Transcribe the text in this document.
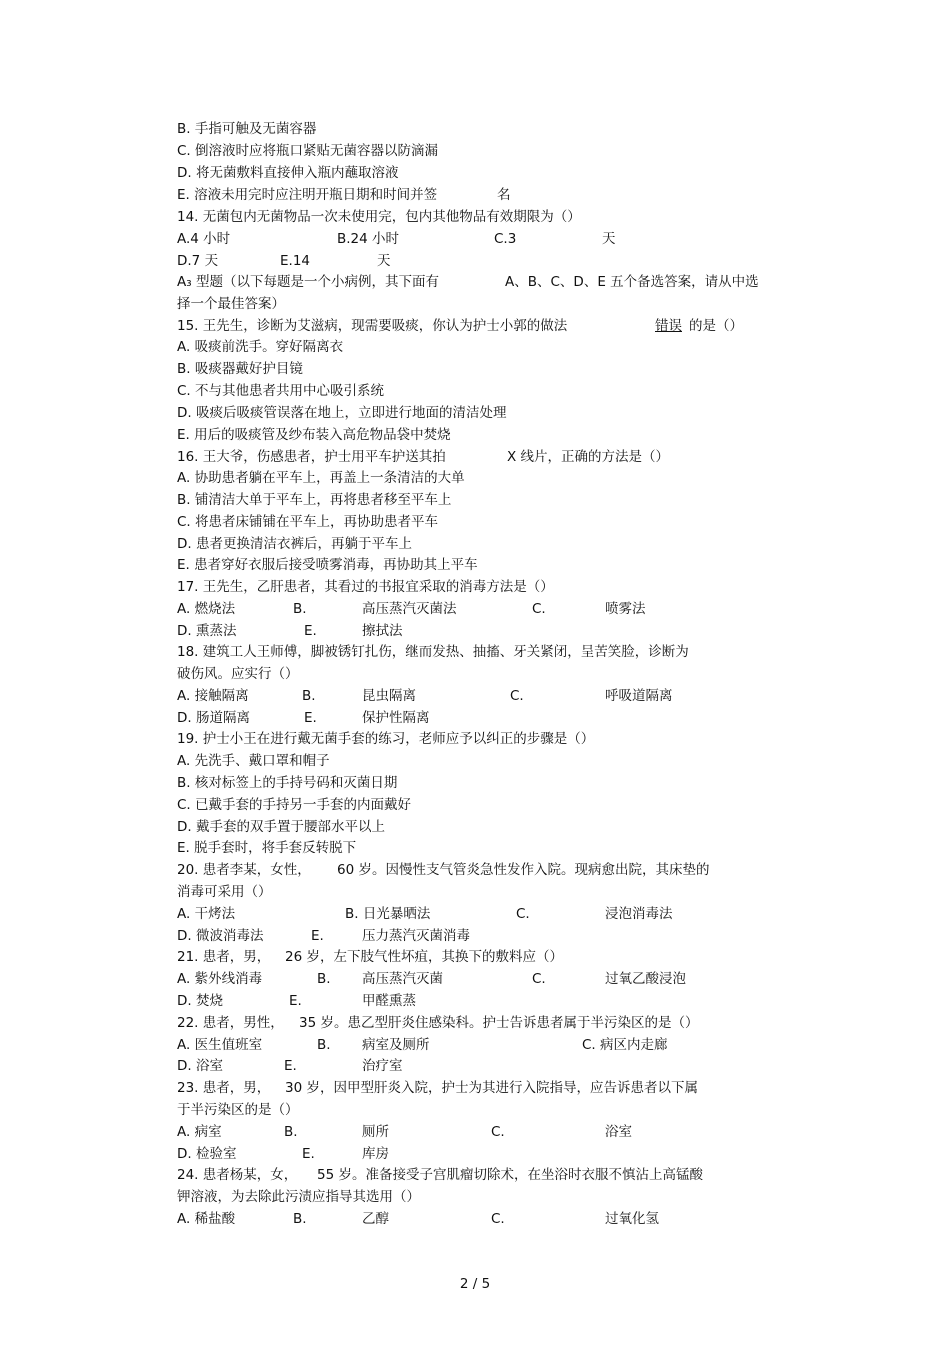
B. 手指可触及无菌容器
C. 倒溶液时应将瓶口紧贴无菌容器以防滴漏
D. 将无菌敷料直接伸入瓶内蘸取溶液
E. 溶液未用完时应注明开瓶日期和时间并签	名
14. 无菌包内无菌物品一次未使用完，包内其他物品有效期限为（）
A.4 小时	B.24 小时	C.3	天
D.7 天	E.14	天
A₃ 型题（以下每题是一个小病例，其下面有	A、B、C、D、E 五个备选答案，请从中选
择一个最佳答案）
15. 王先生，诊断为艾滋病，现需要吸痰，你认为护士小郭的做法	错误 的是（）
A. 吸痰前洗手。穿好隔离衣
B. 吸痰器戴好护目镜
C. 不与其他患者共用中心吸引系统
D. 吸痰后吸痰管误落在地上，立即进行地面的清洁处理
E. 用后的吸痰管及纱布装入高危物品袋中焚烧
16. 王大爷，伤感患者，护士用平车护送其拍	X 线片，正确的方法是（）
A. 协助患者躺在平车上，再盖上一条清洁的大单
B. 铺清洁大单于平车上，再将患者移至平车上
C. 将患者床铺铺在平车上，再协助患者平车
D. 患者更换清洁衣裤后，再躺于平车上
E. 患者穿好衣服后接受喷雾消毒，再协助其上平车
17. 王先生，乙肝患者，其看过的书报宜采取的消毒方法是（）
A. 燃烧法	B.	高压蒸汽灭菌法	C.	喷雾法
D. 熏蒸法	E.	擦拭法
18. 建筑工人王师傅，脚被锈钉扎伤，继而发热、抽搐、牙关紧闭，呈苦笑脸，诊断为
破伤风。应实行（）
A. 接触隔离	B.	昆虫隔离	C.	呼吸道隔离
D. 肠道隔离	E.	保护性隔离
19. 护士小王在进行戴无菌手套的练习，老师应予以纠正的步骤是（）
A. 先洗手、戴口罩和帽子
B. 核对标签上的手持号码和灭菌日期
C. 已戴手套的手持另一手套的内面戴好
D. 戴手套的双手置于腰部水平以上
E. 脱手套时，将手套反转脱下
20. 患者李某，女性， 60 岁。因慢性支气管炎急性发作入院。现病愈出院，其床垫的
消毒可采用（）
A. 干烤法	B. 日光暴晒法	C.	浸泡消毒法
D. 微波消毒法	E.	压力蒸汽灭菌消毒
21. 患者，男， 26 岁，左下肢气性坏疽，其换下的敷料应（）
A. 紫外线消毒	B. 高压蒸汽灭菌	C.	过氧乙酸浸泡
D. 焚烧	E.	甲醛熏蒸
22. 患者，男性， 35 岁。患乙型肝炎住感染科。护士告诉患者属于半污染区的是（）
A. 医生值班室	B. 病室及厕所	C. 病区内走廊
D. 浴室	E.	治疗室
23. 患者，男， 30 岁，因甲型肝炎入院，护士为其进行入院指导，应告诉患者以下属
于半污染区的是（）
A. 病室	B.	厕所	C.	浴室
D. 检验室	E.	库房
24. 患者杨某，女， 55 岁。准备接受子宫肌瘤切除术，在坐浴时衣服不慎沾上高锰酸
钾溶液，为去除此污渍应指导其选用（）
A. 稀盐酸	B.	乙醇	C.	过氧化氢
2 / 5
